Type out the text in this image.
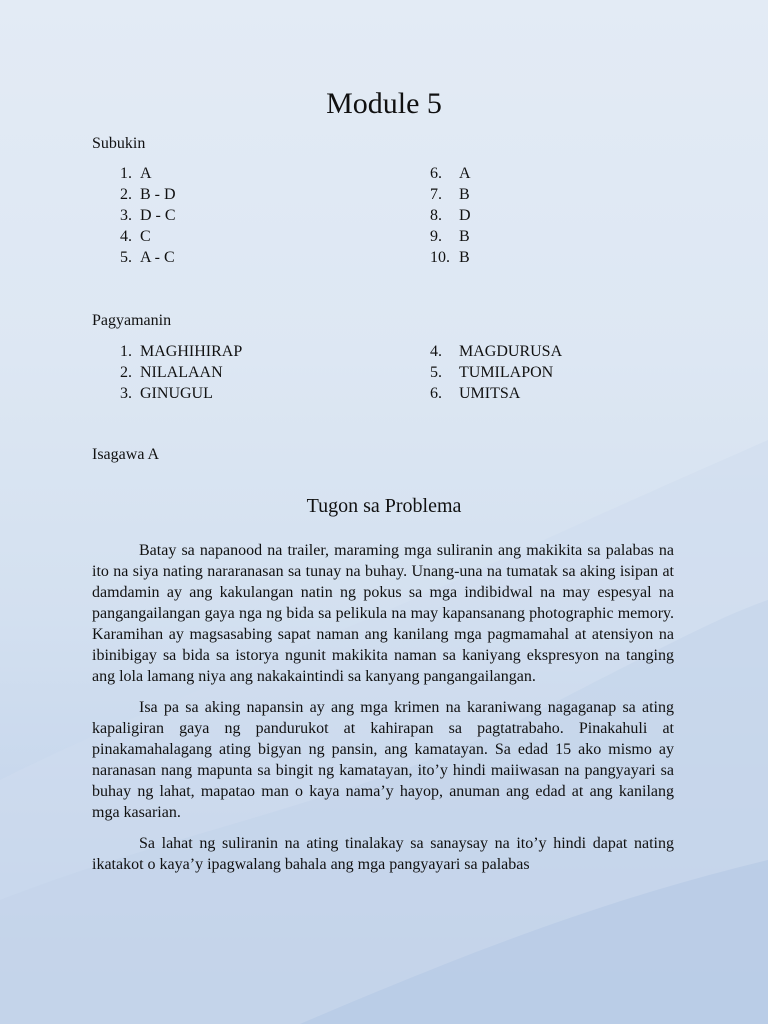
Module 5
Subukin
1. A
2. B - D
3. D - C
4. C
5. A - C
6. A
7. B
8. D
9. B
10. B
Pagyamanin
1. MAGHIHIRAP
2. NILALAAN
3. GINUGUL
4. MAGDURUSA
5. TUMILAPON
6. UMITSA
Isagawa A
Tugon sa Problema

Batay sa napanood na trailer, maraming mga suliranin ang makikita sa palabas na ito na siya nating nararanasan sa tunay na buhay. Unang-una na tumatak sa aking isipan at damdamin ay ang kakulangan natin ng pokus sa mga indibidwal na may espesyal na pangangailangan gaya nga ng bida sa pelikula na may kapansanang photographic memory. Karamihan ay magsasabing sapat naman ang kanilang mga pagmamahal at atensiyon na ibinibigay sa bida sa istorya ngunit makikita naman sa kaniyang ekspresyon na tanging ang lola lamang niya ang nakakaintindi sa kanyang pangangailangan.

Isa pa sa aking napansin ay ang mga krimen na karaniwang nagaganap sa ating kapaligiran gaya ng pandurukot at kahirapan sa pagtatrabaho. Pinakahuli at pinakamahalagang ating bigyan ng pansin, ang kamatayan. Sa edad 15 ako mismo ay naranasan nang mapunta sa bingit ng kamatayan, ito’y hindi maiiwasan na pangyayari sa buhay ng lahat, mapatao man o kaya nama’y hayop, anuman ang edad at ang kanilang mga kasarian.

Sa lahat ng suliranin na ating tinalakay sa sanaysay na ito’y hindi dapat nating ikatakot o kaya’y ipagwalang bahala ang mga pangyayari sa palabas
